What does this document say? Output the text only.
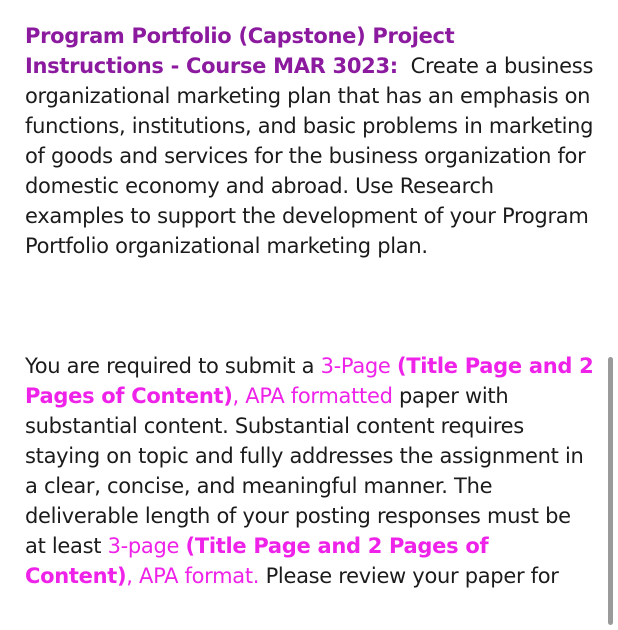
Program Portfolio (Capstone) Project Instructions - Course MAR 3023: Create a business organizational marketing plan that has an emphasis on functions, institutions, and basic problems in marketing of goods and services for the business organization for domestic economy and abroad. Use Research examples to support the development of your Program Portfolio organizational marketing plan.

You are required to submit a 3-Page (Title Page and 2 Pages of Content), APA formatted paper with substantial content. Substantial content requires staying on topic and fully addresses the assignment in a clear, concise, and meaningful manner. The deliverable length of your posting responses must be at least 3-page (Title Page and 2 Pages of Content), APA format. Please review your paper for
